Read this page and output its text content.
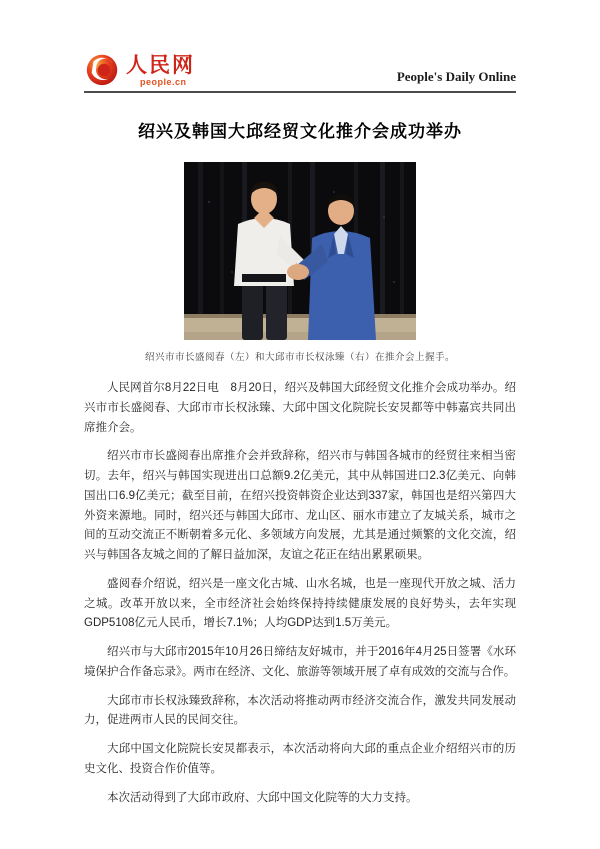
人民网
people.cn	People's Daily Online
绍兴及韩国大邱经贸文化推介会成功举办
绍兴市市长盛阅春（左）和大邱市市长权泳臻（右）在推介会上握手。

人民网首尔8月22日电　8月20日，绍兴及韩国大邱经贸文化推介会成功举办。绍兴市市长盛阅春、大邱市市长权泳臻、大邱中国文化院院长安炅都等中韩嘉宾共同出席推介会。

绍兴市市长盛阅春出席推介会并致辞称，绍兴市与韩国各城市的经贸往来相当密切。去年，绍兴与韩国实现进出口总额9.2亿美元，其中从韩国进口2.3亿美元、向韩国出口6.9亿美元；截至目前，在绍兴投资韩资企业达到337家，韩国也是绍兴第四大外资来源地。同时，绍兴还与韩国大邱市、龙山区、丽水市建立了友城关系，城市之间的互动交流正不断朝着多元化、多领域方向发展，尤其是通过频繁的文化交流，绍兴与韩国各友城之间的了解日益加深，友谊之花正在结出累累硕果。

盛阅春介绍说，绍兴是一座文化古城、山水名城，也是一座现代开放之城、活力之城。改革开放以来，全市经济社会始终保持持续健康发展的良好势头，去年实现GDP5108亿元人民币，增长7.1%；人均GDP达到1.5万美元。

绍兴市与大邱市2015年10月26日缔结友好城市，并于2016年4月25日签署《水环境保护合作备忘录》。两市在经济、文化、旅游等领域开展了卓有成效的交流与合作。

大邱市市长权泳臻致辞称，本次活动将推动两市经济交流合作，激发共同发展动力，促进两市人民的民间交往。

大邱中国文化院院长安炅都表示，本次活动将向大邱的重点企业介绍绍兴市的历史文化、投资合作价值等。

本次活动得到了大邱市政府、大邱中国文化院等的大力支持。
